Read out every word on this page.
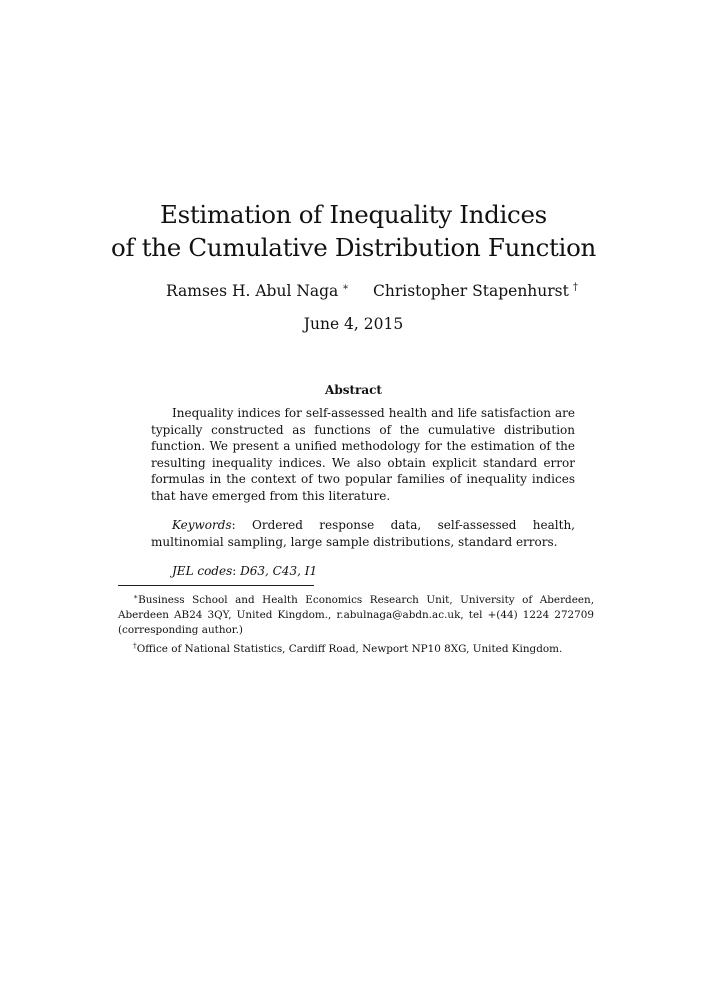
Estimation of Inequality Indices
of the Cumulative Distribution Function
Ramses H. Abul Naga ∗ Christopher Stapenhurst †
June 4, 2015
Abstract

Inequality indices for self-assessed health and life satisfaction are typically constructed as functions of the cumulative distribution function. We present a unified methodology for the estimation of the resulting inequality indices. We also obtain explicit standard error formulas in the context of two popular families of inequality indices that have emerged from this literature.

Keywords: Ordered response data, self-assessed health, multinomial sampling, large sample distributions, standard errors.

JEL codes: D63, C43, I1

∗Business School and Health Economics Research Unit, University of Aberdeen, Aberdeen AB24 3QY, United Kingdom., r.abulnaga@abdn.ac.uk, tel +(44) 1224 272709 (corresponding author.)

†Office of National Statistics, Cardiff Road, Newport NP10 8XG, United Kingdom.
